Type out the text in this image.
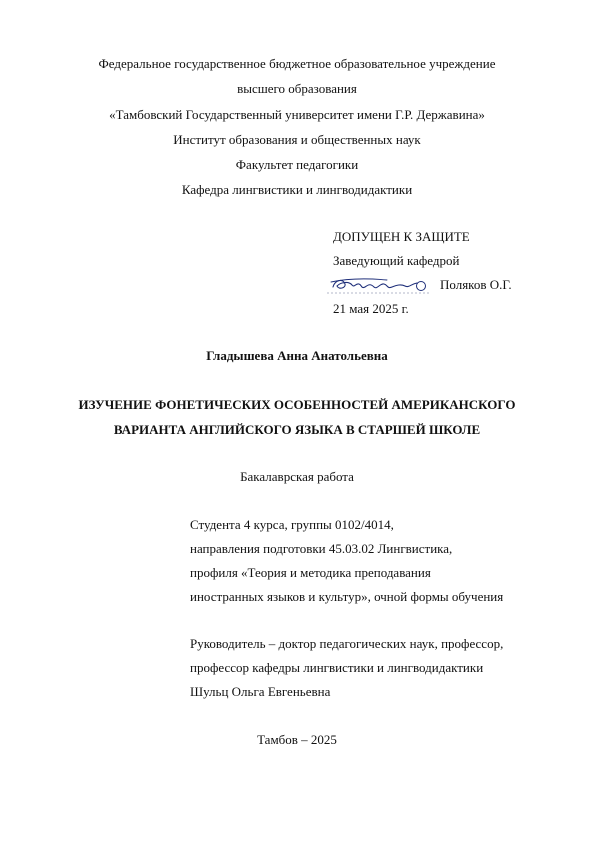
Федеральное государственное бюджетное образовательное учреждение
высшего образования
«Тамбовский Государственный университет имени Г.Р. Державина»
Институт образования и общественных наук
Факультет педагогики
Кафедра лингвистики и лингводидактики
ДОПУЩЕН К ЗАЩИТЕ
Заведующий кафедрой
Поляков О.Г.
21 мая 2025 г.
Гладышева Анна Анатольевна
ИЗУЧЕНИЕ ФОНЕТИЧЕСКИХ ОСОБЕННОСТЕЙ АМЕРИКАНСКОГО
ВАРИАНТА АНГЛИЙСКОГО ЯЗЫКА В СТАРШЕЙ ШКОЛЕ
Бакалаврская работа
Студента 4 курса, группы 0102/4014,
направления подготовки 45.03.02 Лингвистика,
профиля «Теория и методика преподавания
иностранных языков и культур», очной формы обучения
Руководитель – доктор педагогических наук, профессор,
профессор кафедры лингвистики и лингводидактики
Шульц Ольга Евгеньевна
Тамбов – 2025
